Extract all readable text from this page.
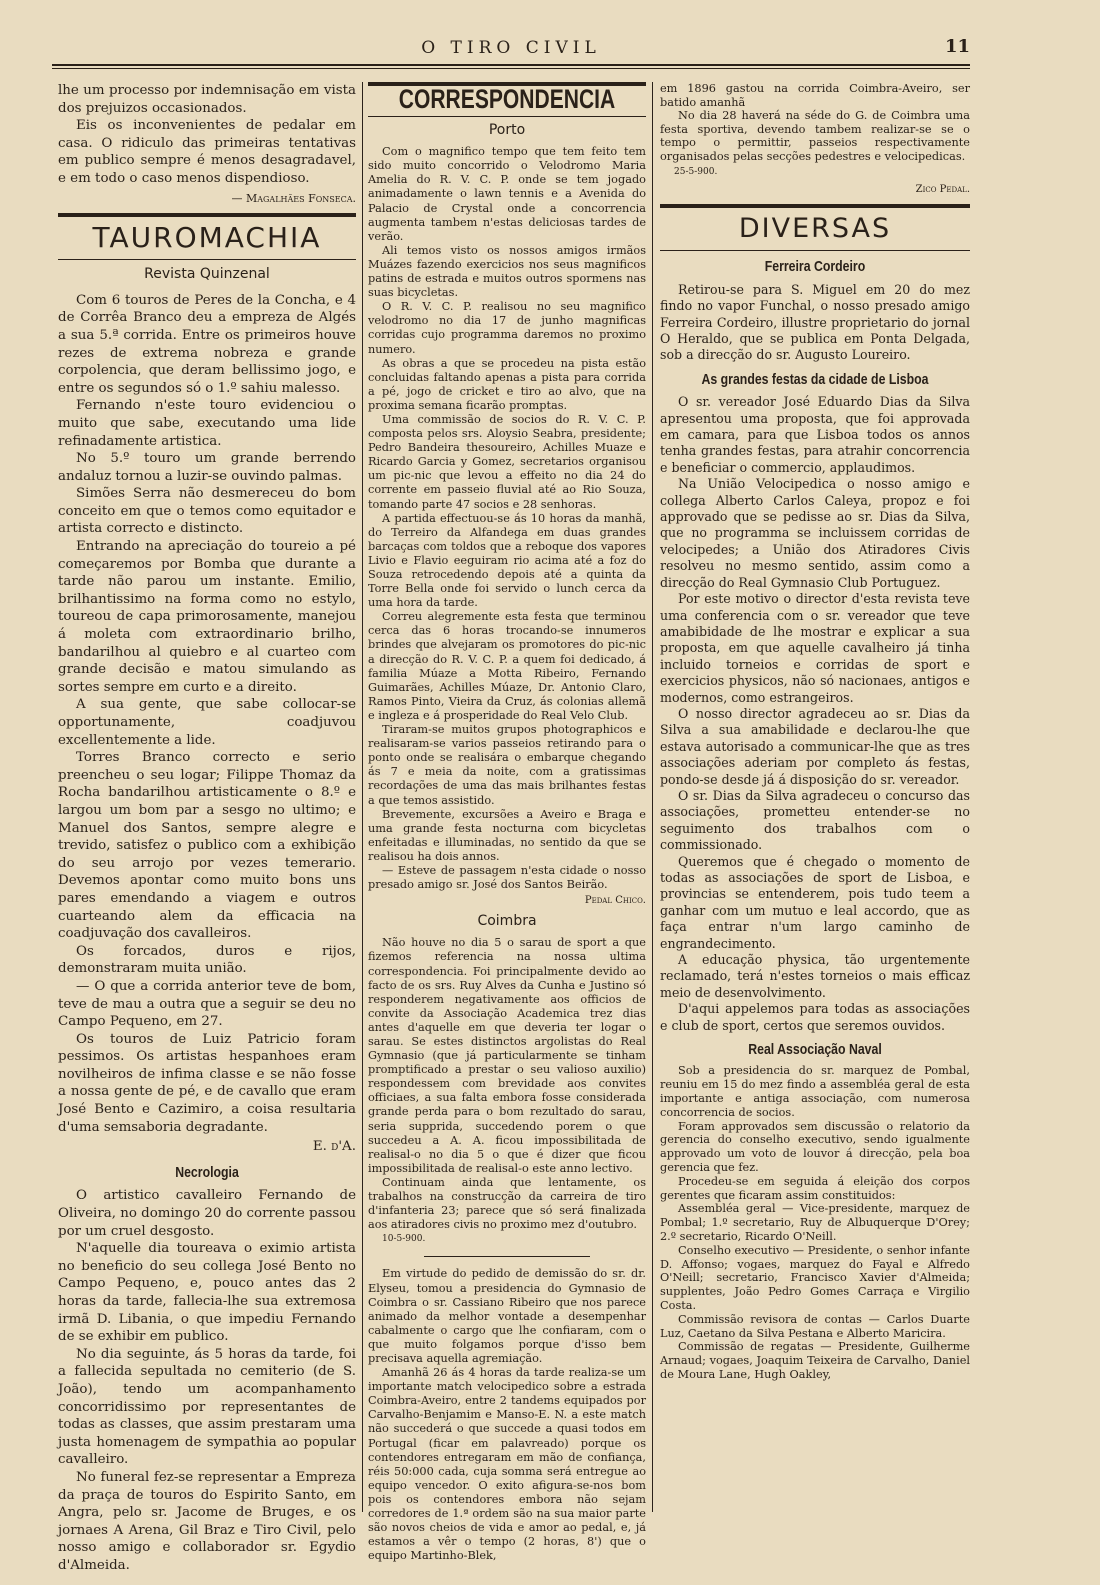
O TIRO CIVIL	11

lhe um processo por indemnisação em vista dos prejuizos occasionados.

Eis os inconvenientes de pedalar em casa. O ridiculo das primeiras tentativas em publico sempre é menos desagradavel, e em todo o caso menos dispendioso.

— Magalhães Fonseca.

TAUROMACHIA
Revista Quinzenal

Com 6 touros de Peres de la Concha, e 4 de Corrêa Branco deu a empreza de Algés a sua 5.ª corrida. Entre os primeiros houve rezes de extrema nobreza e grande corpolencia, que deram bellissimo jogo, e entre os segundos só o 1.º sahiu malesso.

Fernando n'este touro evidenciou o muito que sabe, executando uma lide refinadamente artistica.

No 5.º touro um grande berrendo andaluz tornou a luzir-se ouvindo palmas.

Simões Serra não desmereceu do bom conceito em que o temos como equitador e artista correcto e distincto.

Entrando na apreciação do toureio a pé começaremos por Bomba que durante a tarde não parou um instante. Emilio, brilhantissimo na forma como no estylo, toureou de capa primorosamente, manejou á moleta com extraordinario brilho, bandarilhou al quiebro e al cuarteo com grande decisão e matou simulando as sortes sempre em curto e a direito.

A sua gente, que sabe collocar-se opportunamente, coadjuvou excellentemente a lide.

Torres Branco correcto e serio preencheu o seu logar; Filippe Thomaz da Rocha bandarilhou artisticamente o 8.º e largou um bom par a sesgo no ultimo; e Manuel dos Santos, sempre alegre e trevido, satisfez o publico com a exhibição do seu arrojo por vezes temerario. Devemos apontar como muito bons uns pares emendando a viagem e outros cuarteando alem da efficacia na coadjuvação dos cavalleiros.

Os forcados, duros e rijos, demonstraram muita união.

— O que a corrida anterior teve de bom, teve de mau a outra que a seguir se deu no Campo Pequeno, em 27.

Os touros de Luiz Patricio foram pessimos. Os artistas hespanhoes eram novilheiros de infima classe e se não fosse a nossa gente de pé, e de cavallo que eram José Bento e Cazimiro, a coisa resultaria d'uma semsaboria degradante.

E. d'A.

Necrologia

O artistico cavalleiro Fernando de Oliveira, no domingo 20 do corrente passou por um cruel desgosto.

N'aquelle dia toureava o eximio artista no beneficio do seu collega José Bento no Campo Pequeno, e, pouco antes das 2 horas da tarde, fallecia-lhe sua extremosa irmã D. Libania, o que impediu Fernando de se exhibir em publico.

No dia seguinte, ás 5 horas da tarde, foi a fallecida sepultada no cemiterio (de S. João), tendo um acompanhamento concorridissimo por representantes de todas as classes, que assim prestaram uma justa homenagem de sympathia ao popular cavalleiro.

No funeral fez-se representar a Empreza da praça de touros do Espirito Santo, em Angra, pelo sr. Jacome de Bruges, e os jornaes A Arena, Gil Braz e Tiro Civil, pelo nosso amigo e collaborador sr. Egydio d'Almeida.

CORRESPONDENCIA
Porto

Com o magnifico tempo que tem feito tem sido muito concorrido o Velodromo Maria Amelia do R. V. C. P. onde se tem jogado animadamente o lawn tennis e a Avenida do Palacio de Crystal onde a concorrencia augmenta tambem n'estas deliciosas tardes de verão.

Ali temos visto os nossos amigos irmãos Muázes fazendo exercicios nos seus magnificos patins de estrada e muitos outros spormens nas suas bicycletas.

O R. V. C. P. realisou no seu magnifico velodromo no dia 17 de junho magnificas corridas cujo programma daremos no proximo numero.

As obras a que se procedeu na pista estão concluidas faltando apenas a pista para corrida a pé, jogo de cricket e tiro ao alvo, que na proxima semana ficarão promptas.

Uma commissão de socios do R. V. C. P. composta pelos srs. Aloysio Seabra, presidente; Pedro Bandeira thesoureiro, Achilles Muaze e Ricardo Garcia y Gomez, secretarios organisou um pic-nic que levou a effeito no dia 24 do corrente em passeio fluvial até ao Rio Souza, tomando parte 47 socios e 28 senhoras.

A partida effectuou-se ás 10 horas da manhã, do Terreiro da Alfandega em duas grandes barcaças com toldos que a reboque dos vapores Livio e Flavio eeguiram rio acima até a foz do Souza retrocedendo depois até a quinta da Torre Bella onde foi servido o lunch cerca da uma hora da tarde.

Correu alegremente esta festa que terminou cerca das 6 horas trocando-se innumeros brindes que alvejaram os promotores do pic-nic a direcção do R. V. C. P. a quem foi dedicado, á familia Múaze a Motta Ribeiro, Fernando Guimarães, Achilles Múaze, Dr. Antonio Claro, Ramos Pinto, Vieira da Cruz, ás colonias allemã e ingleza e á prosperidade do Real Velo Club.

Tiraram-se muitos grupos photographicos e realisaram-se varios passeios retirando para o ponto onde se realisára o embarque chegando ás 7 e meia da noite, com a gratissimas recordações de uma das mais brilhantes festas a que temos assistido.

Brevemente, excursões a Aveiro e Braga e uma grande festa nocturna com bicycletas enfeitadas e illuminadas, no sentido da que se realisou ha dois annos.

— Esteve de passagem n'esta cidade o nosso presado amigo sr. José dos Santos Beirão.

Pedal Chico.

Coimbra

Não houve no dia 5 o sarau de sport a que fizemos referencia na nossa ultima correspondencia. Foi principalmente devido ao facto de os srs. Ruy Alves da Cunha e Justino só responderem negativamente aos officios de convite da Associação Academica trez dias antes d'aquelle em que deveria ter logar o sarau. Se estes distinctos argolistas do Real Gymnasio (que já particularmente se tinham promptificado a prestar o seu valioso auxilio) respondessem com brevidade aos convites officiaes, a sua falta embora fosse considerada grande perda para o bom rezultado do sarau, seria supprida, succedendo porem o que succedeu a A. A. ficou impossibilitada de realisal-o no dia 5 o que é dizer que ficou impossibilitada de realisal-o este anno lectivo.

Continuam ainda que lentamente, os trabalhos na construcção da carreira de tiro d'infanteria 23; parece que só será finalizada aos atiradores civis no proximo mez d'outubro.

10-5-900.

Em virtude do pedido de demissão do sr. dr. Elyseu, tomou a presidencia do Gymnasio de Coimbra o sr. Cassiano Ribeiro que nos parece animado da melhor vontade a desempenhar cabalmente o cargo que lhe confiaram, com o que muito folgamos porque d'isso bem precisava aquella agremiação.

Amanhã 26 ás 4 horas da tarde realiza-se um importante match velocipedico sobre a estrada Coimbra-Aveiro, entre 2 tandems equipados por Carvalho-Benjamim e Manso-E. N. a este match não succederá o que succede a quasi todos em Portugal (ficar em palavreado) porque os contendores entregaram em mão de confiança, réis 50:000 cada, cuja somma será entregue ao equipo vencedor. O exito afigura-se-nos bom pois os contendores embora não sejam corredores de 1.ª ordem são na sua maior parte são novos cheios de vida e amor ao pedal, e, já estamos a vêr o tempo (2 horas, 8') que o equipo Martinho-Blek,

em 1896 gastou na corrida Coimbra-Aveiro, ser batido amanhã

No dia 28 haverá na séde do G. de Coimbra uma festa sportiva, devendo tambem realizar-se se o tempo o permittir, passeios respectivamente organisados pelas secções pedestres e velocipedicas.

25-5-900.

Zico Pedal.

DIVERSAS
Ferreira Cordeiro

Retirou-se para S. Miguel em 20 do mez findo no vapor Funchal, o nosso presado amigo Ferreira Cordeiro, illustre proprietario do jornal O Heraldo, que se publica em Ponta Delgada, sob a direcção do sr. Augusto Loureiro.

As grandes festas da cidade de Lisboa

O sr. vereador José Eduardo Dias da Silva apresentou uma proposta, que foi approvada em camara, para que Lisboa todos os annos tenha grandes festas, para atrahir concorrencia e beneficiar o commercio, applaudimos.

Na União Velocipedica o nosso amigo e collega Alberto Carlos Caleya, propoz e foi approvado que se pedisse ao sr. Dias da Silva, que no programma se incluissem corridas de velocipedes; a União dos Atiradores Civis resolveu no mesmo sentido, assim como a direcção do Real Gymnasio Club Portuguez.

Por este motivo o director d'esta revista teve uma conferencia com o sr. vereador que teve amabibidade de lhe mostrar e explicar a sua proposta, em que aquelle cavalheiro já tinha incluido torneios e corridas de sport e exercicios physicos, não só nacionaes, antigos e modernos, como estrangeiros.

O nosso director agradeceu ao sr. Dias da Silva a sua amabilidade e declarou-lhe que estava autorisado a communicar-lhe que as tres associações aderiam por completo ás festas, pondo-se desde já á disposição do sr. vereador.

O sr. Dias da Silva agradeceu o concurso das associações, prometteu entender-se no seguimento dos trabalhos com o commissionado.

Queremos que é chegado o momento de todas as associações de sport de Lisboa, e provincias se entenderem, pois tudo teem a ganhar com um mutuo e leal accordo, que as faça entrar n'um largo caminho de engrandecimento.

A educação physica, tão urgentemente reclamado, terá n'estes torneios o mais efficaz meio de desenvolvimento.

D'aqui appelemos para todas as associações e club de sport, certos que seremos ouvidos.

Real Associação Naval

Sob a presidencia do sr. marquez de Pombal, reuniu em 15 do mez findo a assembléa geral de esta importante e antiga associação, com numerosa concorrencia de socios.

Foram approvados sem discussão o relatorio da gerencia do conselho executivo, sendo igualmente approvado um voto de louvor á direcção, pela boa gerencia que fez.

Procedeu-se em seguida á eleição dos corpos gerentes que ficaram assim constituidos:

Assembléa geral — Vice-presidente, marquez de Pombal; 1.º secretario, Ruy de Albuquerque D'Orey; 2.º secretario, Ricardo O'Neill.

Conselho executivo — Presidente, o senhor infante D. Affonso; vogaes, marquez do Fayal e Alfredo O'Neill; secretario, Francisco Xavier d'Almeida; supplentes, João Pedro Gomes Carraça e Virgilio Costa.

Commissão revisora de contas — Carlos Duarte Luz, Caetano da Silva Pestana e Alberto Maricira.

Commissão de regatas — Presidente, Guilherme Arnaud; vogaes, Joaquim Teixeira de Carvalho, Daniel de Moura Lane, Hugh Oakley,
